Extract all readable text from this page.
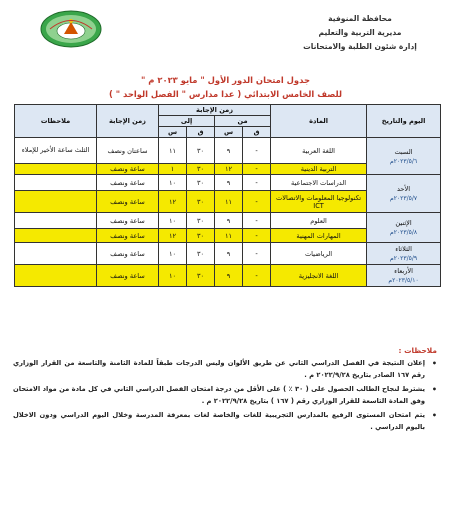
محافظة المنوفية
مديرية التربية والتعليم
إدارة شئون الطلبة والامتحانات
جدول امتحان الدور الأول " مايو ٢٠٢٣ م "
للصف الخامس الابتدائي ( عدا مدارس " الفصل الواحد " )
اليوم والتاريخ	المادة	زمن الإجابة				زمن الإجابة	ملاحظات
		من		إلى			
		ق	س	ق	س		
السبت
٢٠٢٣/٥/٦م	اللغة العربية	-	٩	٣٠	١١	ساعتان ونصف	الثلث ساعة الأخير للإملاء
	التربية الدينية	-	١٢	٣٠	١	ساعة ونصف	
الأحد
٢٠٢٣/٥/٧م	الدراسات الاجتماعية	-	٩	٣٠	١٠	ساعة ونصف	
	تكنولوجيا المعلومات والاتصالات ICT	-	١١	٣٠	١٢	ساعة ونصف	
الإثنين
٢٠٢٣/٥/٨م	العلوم	-	٩	٣٠	١٠	ساعة ونصف	
	المهارات المهنية	-	١١	٣٠	١٢	ساعة ونصف	
الثلاثاء
٢٠٢٣/٥/٩م	الرياضيات	-	٩	٣٠	١٠	ساعة ونصف	
الأربعاء
٢٠٢٣/٥/١٠م	اللغة الانجليزية	-	٩	٣٠	١٠	ساعة ونصف	
ملاحظات :
•
إعلان النتيجة في الفصل الدراسي الثاني عن طريق الألوان وليس الدرجات طبقاً للمادة الثامنة والتاسعة من القرار الوزاري رقم ١٦٧ الصادر بتاريخ ٢٠٢٢/٩/٢٨ م .
•
يشترط لنجاح الطالب الحصول على ( ٣٠ ٪ ) على الأقل من درجة امتحان الفصل الدراسي الثاني في كل مادة من مواد الامتحان وفق المادة التاسعة للقرار الوزاري رقم ( ١٦٧ ) بتاريخ ٢٠٢٢/٩/٢٨ م .
•
يتم امتحان المستوى الرفيع بالمدارس التجريبية للغات والخاصة لغات بمعرفة المدرسة وخلال اليوم الدراسي ودون الاخلال باليوم الدراسي .
